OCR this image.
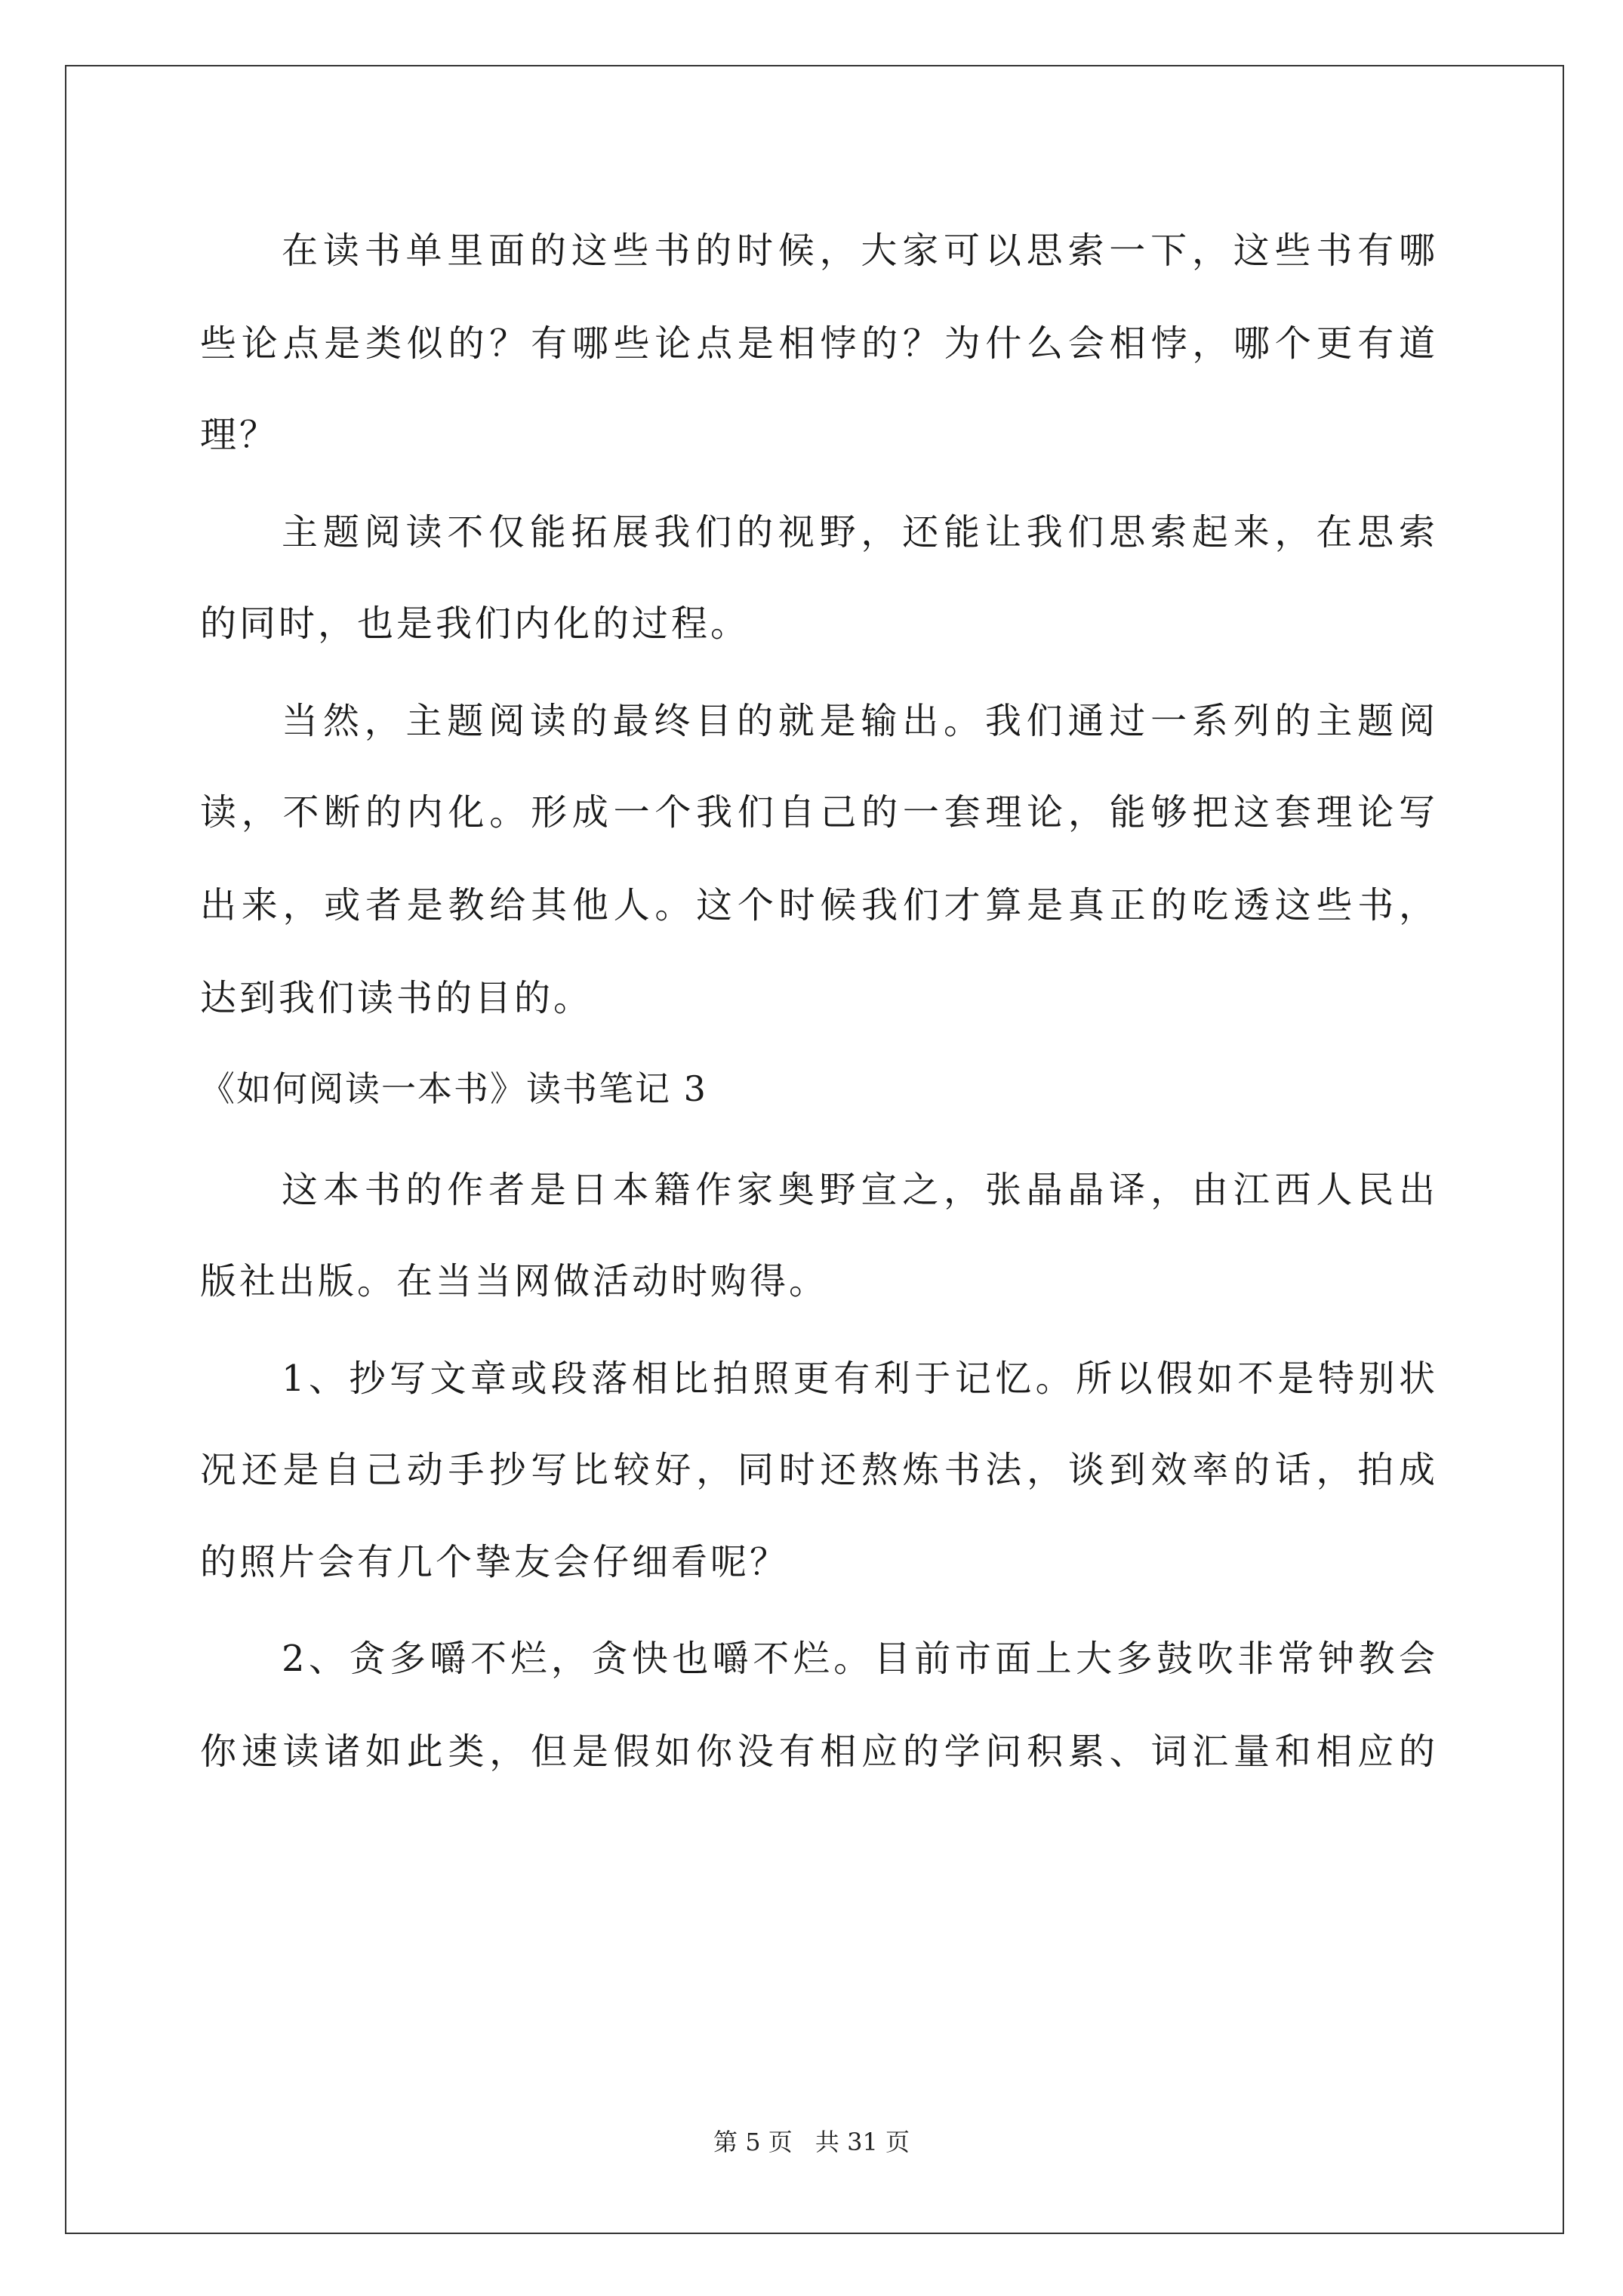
在读书单里面的这些书的时候，大家可以思索一下，这些书有哪
些论点是类似的？有哪些论点是相悖的？为什么会相悖，哪个更有道
理？
主题阅读不仅能拓展我们的视野，还能让我们思索起来，在思索
的同时，也是我们内化的过程。
当然，主题阅读的最终目的就是输出。我们通过一系列的主题阅
读，不断的内化。形成一个我们自己的一套理论，能够把这套理论写
出来，或者是教给其他人。这个时候我们才算是真正的吃透这些书，
达到我们读书的目的。
《如何阅读一本书》读书笔记 3
这本书的作者是日本籍作家奥野宣之，张晶晶译，由江西人民出
版社出版。在当当网做活动时购得。
1、抄写文章或段落相比拍照更有利于记忆。所以假如不是特别状
况还是自己动手抄写比较好，同时还熬炼书法，谈到效率的话，拍成
的照片会有几个挚友会仔细看呢？
2、贪多嚼不烂，贪快也嚼不烂。目前市面上大多鼓吹非常钟教会
你速读诸如此类，但是假如你没有相应的学问积累、词汇量和相应的
第 5 页 共 31 页
